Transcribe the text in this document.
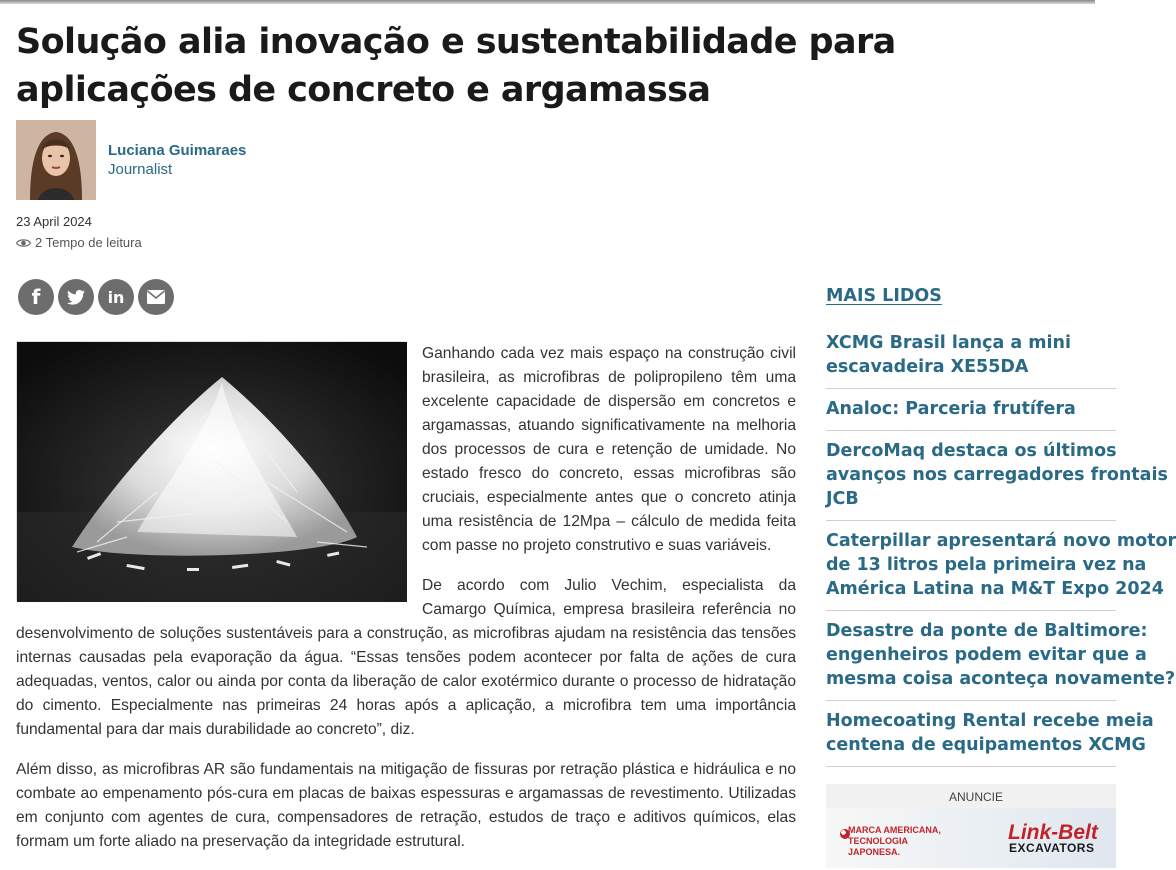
Solução alia inovação e sustentabilidade para aplicações de concreto e argamassa
Luciana Guimaraes
Journalist
23 April 2024
2 Tempo de leitura
f	in

Ganhando cada vez mais espaço na construção civil brasileira, as microfibras de polipropileno têm uma excelente capacidade de dispersão em concretos e argamassas, atuando significativamente na melhoria dos processos de cura e retenção de umidade. No estado fresco do concreto, essas microfibras são cruciais, especialmente antes que o concreto atinja uma resistência de 12Mpa – cálculo de medida feita com passe no projeto construtivo e suas variáveis.

De acordo com Julio Vechim, especialista da Camargo Química, empresa brasileira referência no desenvolvimento de soluções sustentáveis para a construção, as microfibras ajudam na resistência das tensões internas causadas pela evaporação da água. “Essas tensões podem acontecer por falta de ações de cura adequadas, ventos, calor ou ainda por conta da liberação de calor exotérmico durante o processo de hidratação do cimento. Especialmente nas primeiras 24 horas após a aplicação, a microfibra tem uma importância fundamental para dar mais durabilidade ao concreto”, diz.

Além disso, as microfibras AR são fundamentais na mitigação de fissuras por retração plástica e hidráulica e no combate ao empenamento pós-cura em placas de baixas espessuras e argamassas de revestimento. Utilizadas em conjunto com agentes de cura, compensadores de retração, estudos de traço e aditivos químicos, elas formam um forte aliado na preservação da integridade estrutural.

MAIS LIDOS
XCMG Brasil lança a mini
escavadeira XE55DA
Analoc: Parceria frutífera
DercoMaq destaca os últimos
avanços nos carregadores frontais
JCB
Caterpillar apresentará novo motor
de 13 litros pela primeira vez na
América Latina na M&T Expo 2024
Desastre da ponte de Baltimore:
engenheiros podem evitar que a
mesma coisa aconteça novamente?
Homecoating Rental recebe meia
centena de equipamentos XCMG
ANUNCIE
MARCA AMERICANA, TECNOLOGIA JAPONESA.
Link-Belt
EXCAVATORS
